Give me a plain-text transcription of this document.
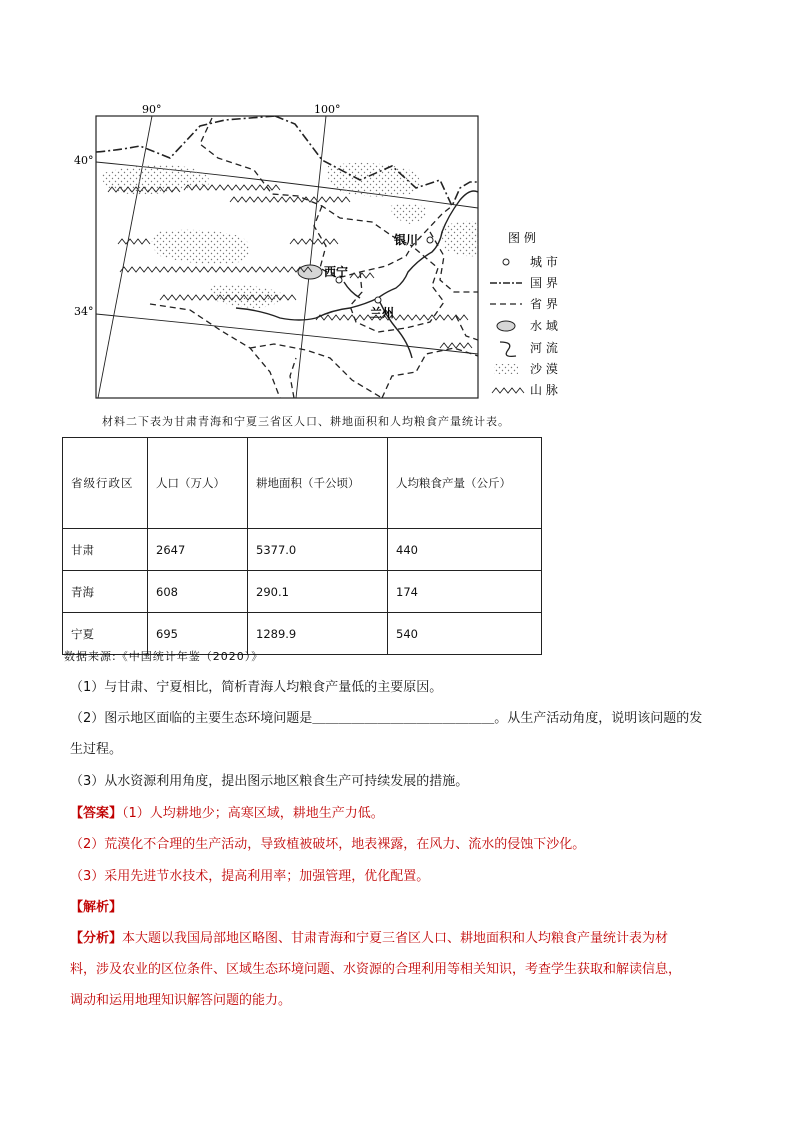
90°	100°
40°
34°
西宁
兰州
银川	图 例
城 市
国 界
省 界
水 域
河 流
沙 漠
山 脉
材料二下表为甘肃青海和宁夏三省区人口、耕地面积和人均粮食产量统计表。
省级行政区	人口（万人）	耕地面积（千公顷）	人均粮食产量（公斤）
甘肃	2647	5377.0	440
青海	608	290.1	174
宁夏	695	1289.9	540
数据来源:《中国统计年鉴（2020）》
（1）与甘肃、宁夏相比，简析青海人均粮食产量低的主要原因。
（2）图示地区面临的主要生态环境问题是＿＿＿＿＿＿＿＿＿＿＿＿＿＿。从生产活动角度，说明该问题的发
生过程。
（3）从水资源利用角度，提出图示地区粮食生产可持续发展的措施。
【答案】（1）人均耕地少；高寒区域，耕地生产力低。
（2）荒漠化不合理的生产活动，导致植被破坏，地表裸露，在风力、流水的侵蚀下沙化。
（3）采用先进节水技术，提高利用率；加强管理，优化配置。
【解析】
【分析】本大题以我国局部地区略图、甘肃青海和宁夏三省区人口、耕地面积和人均粮食产量统计表为材
料，涉及农业的区位条件、区域生态环境问题、水资源的合理利用等相关知识，考查学生获取和解读信息，
调动和运用地理知识解答问题的能力。
